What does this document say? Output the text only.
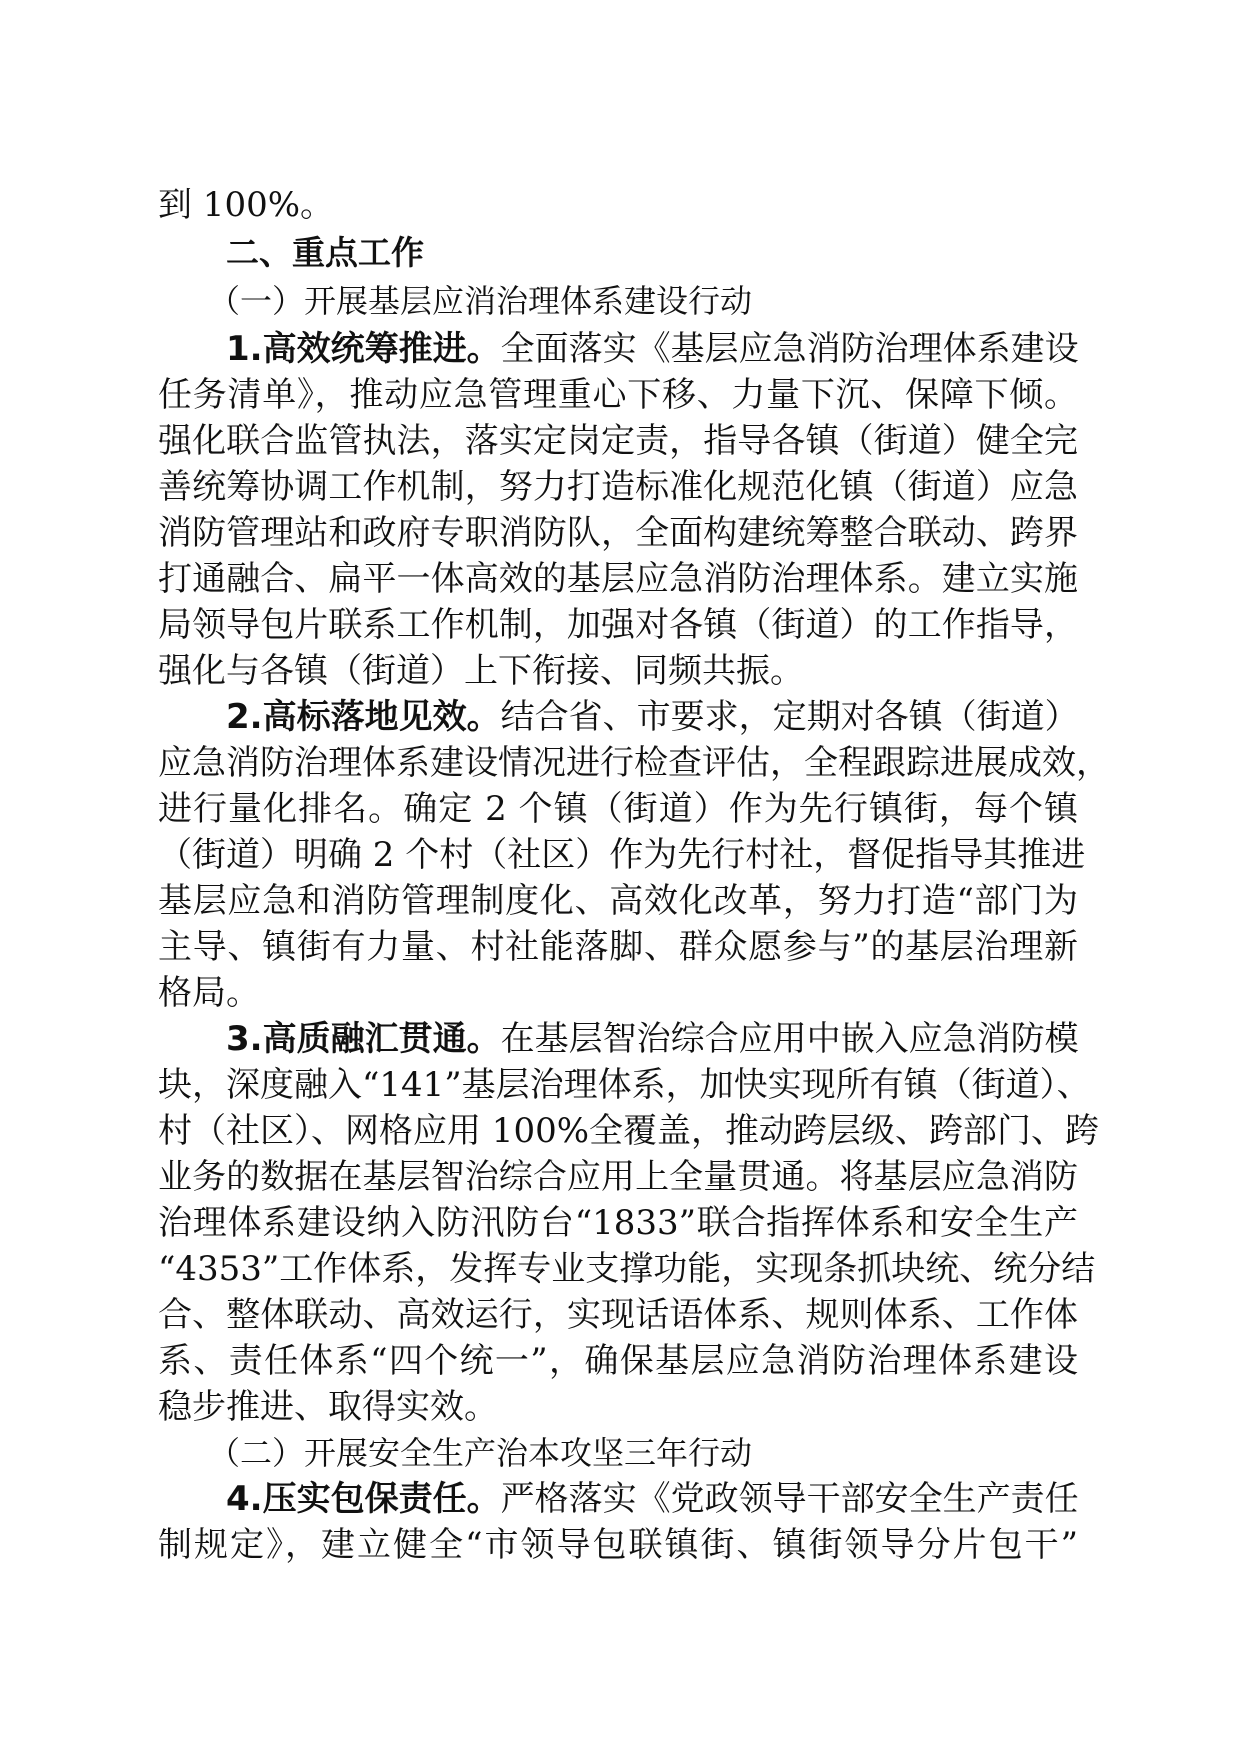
到 100%。
二、重点工作
（一）开展基层应消治理体系建设行动
1.高效统筹推进。全面落实《基层应急消防治理体系建设
任务清单》，推动应急管理重心下移、力量下沉、保障下倾。
强化联合监管执法，落实定岗定责，指导各镇（街道）健全完
善统筹协调工作机制，努力打造标准化规范化镇（街道）应急
消防管理站和政府专职消防队，全面构建统筹整合联动、跨界
打通融合、扁平一体高效的基层应急消防治理体系。建立实施
局领导包片联系工作机制，加强对各镇（街道）的工作指导，
强化与各镇（街道）上下衔接、同频共振。
2.高标落地见效。结合省、市要求，定期对各镇（街道）
应急消防治理体系建设情况进行检查评估，全程跟踪进展成效，
进行量化排名。确定 2 个镇（街道）作为先行镇街，每个镇
（街道）明确 2 个村（社区）作为先行村社，督促指导其推进
基层应急和消防管理制度化、高效化改革，努力打造“部门为
主导、镇街有力量、村社能落脚、群众愿参与”的基层治理新
格局。
3.高质融汇贯通。在基层智治综合应用中嵌入应急消防模
块，深度融入“141”基层治理体系，加快实现所有镇（街道）、
村（社区）、网格应用 100%全覆盖，推动跨层级、跨部门、跨
业务的数据在基层智治综合应用上全量贯通。将基层应急消防
治理体系建设纳入防汛防台“1833”联合指挥体系和安全生产
“4353”工作体系，发挥专业支撑功能，实现条抓块统、统分结
合、整体联动、高效运行，实现话语体系、规则体系、工作体
系、责任体系“四个统一”，确保基层应急消防治理体系建设
稳步推进、取得实效。
（二）开展安全生产治本攻坚三年行动
4.压实包保责任。严格落实《党政领导干部安全生产责任
制规定》，建立健全“市领导包联镇街、镇街领导分片包干”
